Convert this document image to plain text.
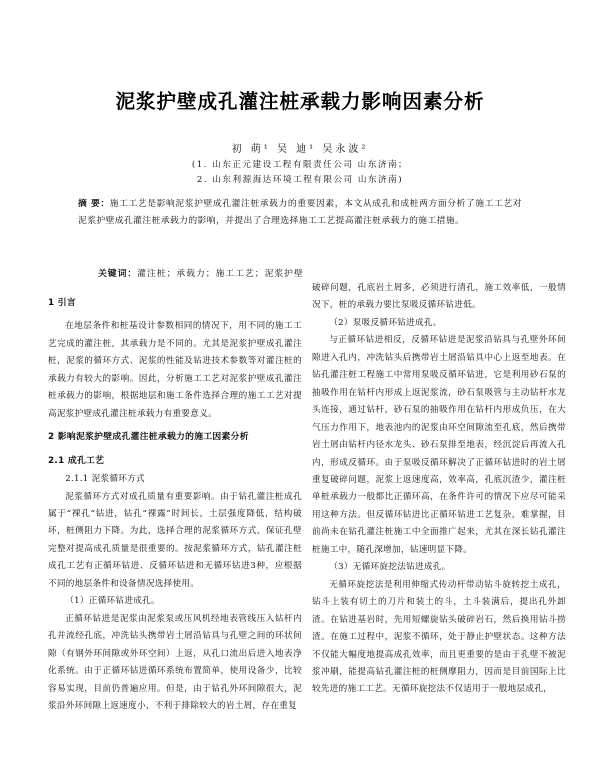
泥浆护壁成孔灌注桩承载力影响因素分析
初 萌¹ 吴 迪¹ 吴永波²
(1. 山东正元建设工程有限责任公司 山东济南；
2. 山东利源海达环境工程有限公司 山东济南)
摘 要：施工工艺是影响泥浆护壁成孔灌注桩承载力的重要因素，本文从成孔和成桩两方面分析了施工工艺对泥浆护壁成孔灌注桩承载力的影响，并提出了合理选择施工工艺提高灌注桩承载力的施工措施。
关键词：灌注桩；承载力；施工工艺；泥浆护壁
1 引言

在地层条件和桩基设计参数相同的情况下，用不同的施工工艺完成的灌注桩，其承载力是不同的。尤其是泥浆护壁成孔灌注桩，泥浆的循环方式、泥浆的性能及钻进技术参数等对灌注桩的承载力有较大的影响。因此，分析施工工艺对泥浆护壁成孔灌注桩承载力的影响，根据地层和施工条件选择合理的施工工艺对提高泥浆护壁成孔灌注桩承载力有重要意义。

2 影响泥浆护壁成孔灌注桩承载力的施工因素分析
2.1 成孔工艺
2.1.1 泥浆循环方式

泥浆循环方式对成孔质量有重要影响。由于钻孔灌注桩成孔属于“裸孔”钻进，钻孔“裸露”时间长，土层强度降低，结构破坏，桩侧阻力下降。为此，选择合理的泥浆循环方式，保证孔壁完整对提高成孔质量是很重要的。按泥浆循环方式，钻孔灌注桩成孔工艺有正循环钻进、反循环钻进和无循环钻进3种，应根据不同的地层条件和设备情况选择使用。

（1）正循环钻进成孔。

正循环钻进是泥浆由泥浆泵或压风机经地表管线压入钻杆内孔并流经孔底，冲洗钻头携带岩土屑沿钻具与孔壁之间的环状间隙（有钢外环间隙或外环空间）上返，从孔口流出后进入地表净化系统。由于正循环钻进循环系统布置简单，使用设备少，比较容易实现，目前仍普遍应用。但是，由于钻孔外环间隙很大，泥浆沿外环间隙上返速度小，不利于排除较大的岩土屑，存在重复

破碎问题，孔底岩土屑多，必须进行清孔，施工效率低，一般情况下，桩的承载力要比泵吸反循环钻进低。

（2）泵吸反循环钻进成孔。

与正循环钻进相反，反循环钻进是泥浆沿钻具与孔壁外环间隙进入孔内，冲洗钻头后携带岩土屑沿钻具中心上返至地表。在钻孔灌注桩工程施工中常用泵吸反循环钻进，它是利用砂石泵的抽吸作用在钻杆内形成上返泥浆流，砂石泵吸管与主动钻杆水龙头连接，通过钻杆，砂石泵的抽吸作用在钻杆内形成负压，在大气压力作用下，地表池内的泥浆由环空间隙流至孔底，然后携带岩土屑由钻杆内径水龙头、砂石泵排至地表，经沉淀后再流入孔内，形成反循环。由于泵吸反循环解决了正循环钻进时的岩土屑重复破碎问题，泥浆上返速度高，效率高，孔底沉渣少，灌注桩单桩承载力一般都比正循环高，在条件许可的情况下应尽可能采用这种方法。但反循环钻进比正循环钻进工艺复杂，难掌握，目前尚未在钻孔灌注桩施工中全面推广起来，尤其在深长钻孔灌注桩施工中，随孔深增加，钻速明显下降。

（3）无循环旋挖法钻进成孔。

无循环旋挖法是利用伸缩式传动杆带动钻斗旋转挖土成孔，钻斗上装有切土的刀片和装土的斗，土斗装满后，提出孔外卸渣。在钻进基岩时，先用短螺旋钻头破碎岩石，然后换用钻斗捞渣。在施工过程中，泥浆不循环，处于静止护壁状态。这种方法不仅能大幅度地提高成孔效率，而且更重要的是由于孔壁不被泥浆冲刷，能提高钻孔灌注桩的桩侧摩阻力，因而是目前国际上比较先进的施工工艺。无循环旋挖法不仅适用于一般地层成孔，
